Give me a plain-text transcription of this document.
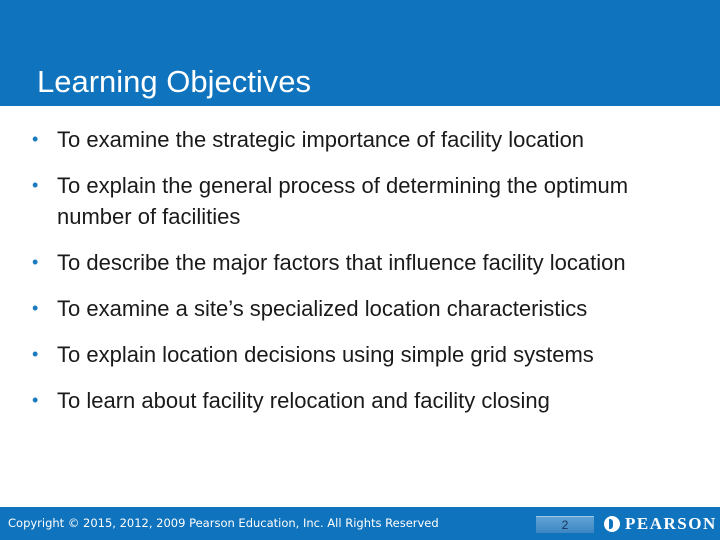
Learning Objectives
• To examine the strategic importance of facility location
• To explain the general process of determining the optimum number of facilities
• To describe the major factors that influence facility location
• To examine a site’s specialized location characteristics
• To explain location decisions using simple grid systems
• To learn about facility relocation and facility closing
Copyright © 2015, 2012, 2009 Pearson Education, Inc. All Rights Reserved	2	PEARSON
